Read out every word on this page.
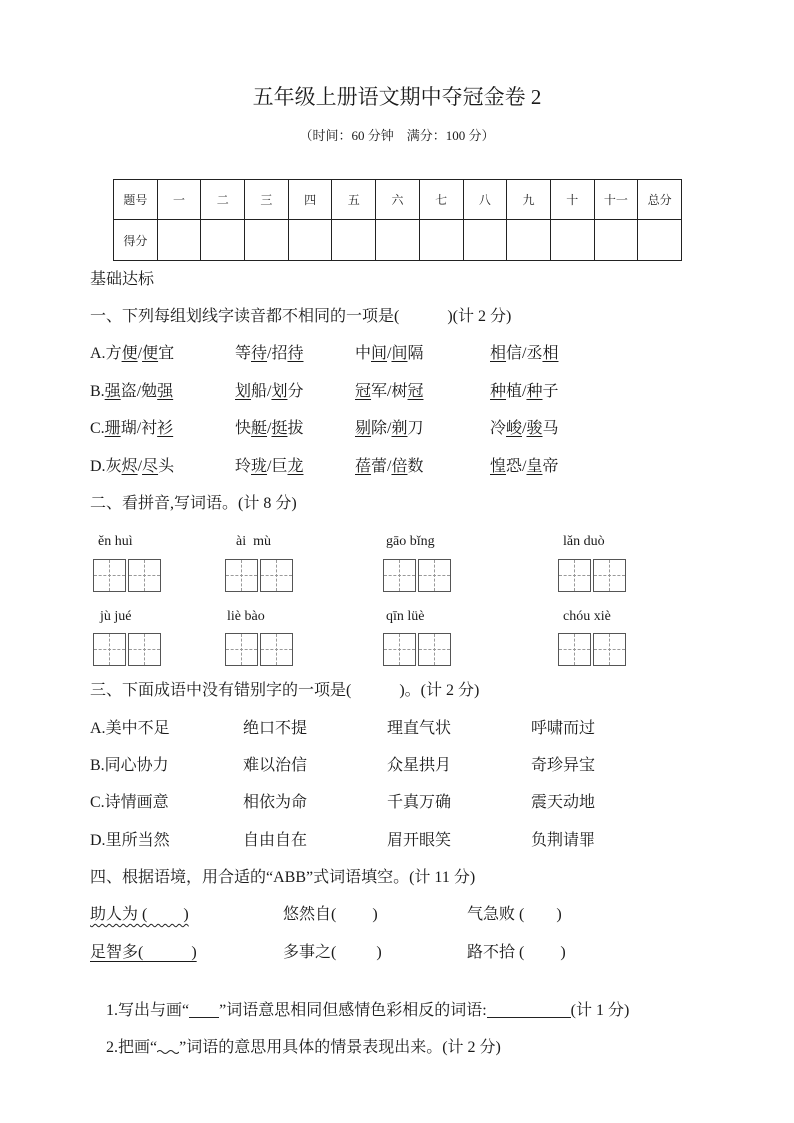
五年级上册语文期中夺冠金卷 2
（时间：60 分钟    满分：100 分）
题号	一	二	三	四	五	六	七	八	九	十	十一	总分
得分												
基础达标
一、下列每组划线字读音都不相同的一项是(            )(计 2 分)
A.方便/便宜	等待/招待	中间/间隔	相信/丞相
B.强盗/勉强	划船/划分	冠军/树冠	种植/种子
C.珊瑚/衬衫	快艇/挺拔	剔除/剃刀	冷峻/骏马
D.灰烬/尽头	玲珑/巨龙	蓓蕾/倍数	惶恐/皇帝
二、看拼音,写词语。(计 8 分)
ěn huì	ài  mù	gāo bǐng	lǎn duò
jù jué	liè bào	qīn lüè	chóu xiè
三、下面成语中没有错别字的一项是(            )。(计 2 分)
A.美中不足	绝口不提	理直气状	呼啸而过
B.同心协力	难以治信	众星拱月	奇珍异宝
C.诗情画意	相依为命	千真万确	震天动地
D.里所当然	自由自在	眉开眼笑	负荆请罪
四、根据语境，用合适的“ABB”式词语填空。(计 11 分)
助人为 (         )	悠然自(         )	气急败 (        )
足智多(            )	多事之(          )	路不拾 (         )

1.写出与画“ ”词语意思相同但感情色彩相反的词语:	(计 1 分)

2.把画“ ”词语的意思用具体的情景表现出来。(计 2 分)
